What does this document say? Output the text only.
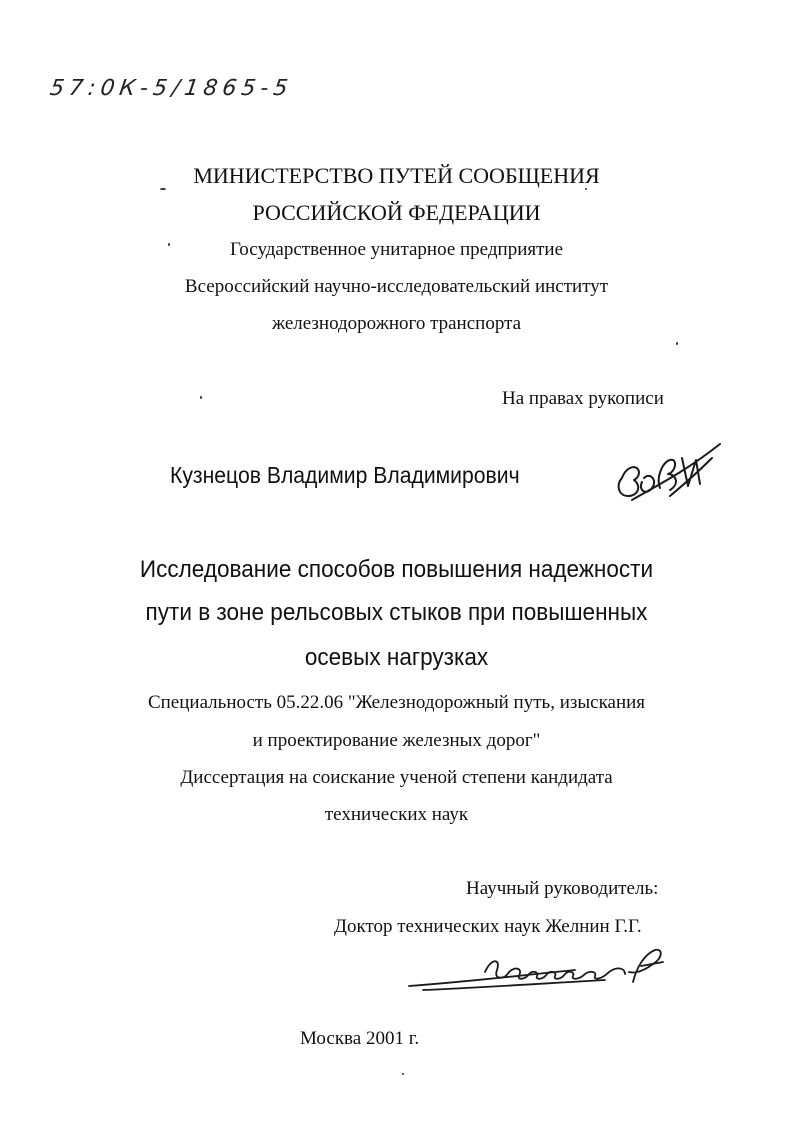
57:0К-5/1865-5
МИНИСТЕРСТВО ПУТЕЙ СООБЩЕНИЯ
РОССИЙСКОЙ ФЕДЕРАЦИИ
Государственное унитарное предприятие
Всероссийский научно-исследовательский институт
железнодорожного транспорта
На правах рукописи
Кузнецов Владимир Владимирович
Исследование способов повышения надежности
пути в зоне рельсовых стыков при повышенных
осевых нагрузках
Специальность 05.22.06 "Железнодорожный путь, изыскания
и проектирование железных дорог"
Диссертация на соискание ученой степени кандидата
технических наук
Научный руководитель:
Доктор технических наук Желнин Г.Г.
Москва 2001 г.
